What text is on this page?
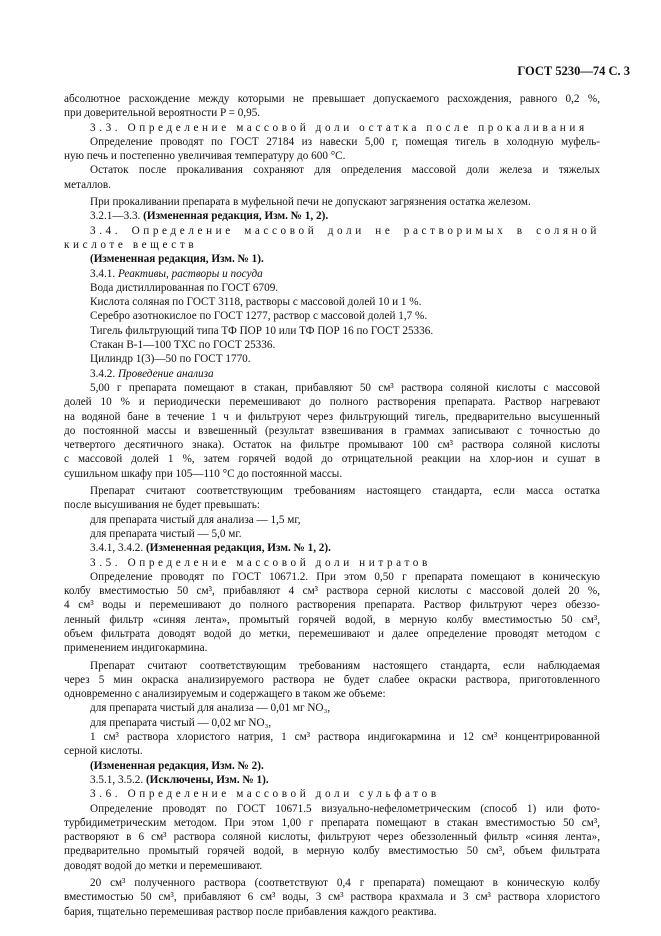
ГОСТ 5230—74 С. 3

абсолютное расхождение между которыми не превышает допускаемого расхождения, равного 0,2 %,

при доверительной вероятности P = 0,95.

3.3. Определение массовой доли остатка после прокаливания

Определение проводят по ГОСТ 27184 из навески 5,00 г, помещая тигель в холодную муфель-

ную печь и постепенно увеличивая температуру до 600 °С.

Остаток после прокаливания сохраняют для определения массовой доли железа и тяжелых

металлов.

При прокаливании препарата в муфельной печи не допускают загрязнения остатка железом.

3.2.1—3.3. (Измененная редакция, Изм. № 1, 2).

3.4. Определение массовой доли не растворимых в соляной

кислоте веществ

(Измененная редакция, Изм. № 1).

3.4.1. Реактивы, растворы и посуда

Вода дистиллированная по ГОСТ 6709.

Кислота соляная по ГОСТ 3118, растворы с массовой долей 10 и 1 %.

Серебро азотнокислое по ГОСТ 1277, раствор с массовой долей 1,7 %.

Тигель фильтрующий типа ТФ ПОР 10 или ТФ ПОР 16 по ГОСТ 25336.

Стакан В-1—100 ТХС по ГОСТ 25336.

Цилиндр 1(3)—50 по ГОСТ 1770.

3.4.2. Проведение анализа

5,00 г препарата помещают в стакан, прибавляют 50 см³ раствора соляной кислоты с массовой

долей 10 % и периодически перемешивают до полного растворения препарата. Раствор нагревают

на водяной бане в течение 1 ч и фильтруют через фильтрующий тигель, предварительно высушенный

до постоянной массы и взвешенный (результат взвешивания в граммах записывают с точностью до

четвертого десятичного знака). Остаток на фильтре промывают 100 см³ раствора соляной кислоты

с массовой долей 1 %, затем горячей водой до отрицательной реакции на хлор-ион и сушат в

сушильном шкафу при 105—110 °С до постоянной массы.

Препарат считают соответствующим требованиям настоящего стандарта, если масса остатка

после высушивания не будет превышать:

для препарата чистый для анализа — 1,5 мг,

для препарата чистый — 5,0 мг.

3.4.1, 3.4.2. (Измененная редакция, Изм. № 1, 2).

3.5. Определение массовой доли нитратов

Определение проводят по ГОСТ 10671.2. При этом 0,50 г препарата помещают в коническую

колбу вместимостью 50 см³, прибавляют 4 см³ раствора серной кислоты с массовой долей 20 %,

4 см³ воды и перемешивают до полного растворения препарата. Раствор фильтруют через обеззо-

ленный фильтр «синяя лента», промытый горячей водой, в мерную колбу вместимостью 50 см³,

объем фильтрата доводят водой до метки, перемешивают и далее определение проводят методом с

применением индигокармина.

Препарат считают соответствующим требованиям настоящего стандарта, если наблюдаемая

через 5 мин окраска анализируемого раствора не будет слабее окраски раствора, приготовленного

одновременно с анализируемым и содержащего в таком же объеме:

для препарата чистый для анализа — 0,01 мг NO₃,

для препарата чистый — 0,02 мг NO₃,

1 см³ раствора хлористого натрия, 1 см³ раствора индигокармина и 12 см³ концентрированной

серной кислоты.

(Измененная редакция, Изм. № 2).

3.5.1, 3.5.2. (Исключены, Изм. № 1).

3.6. Определение массовой доли сульфатов

Определение проводят по ГОСТ 10671.5 визуально-нефелометрическим (способ 1) или фото-

турбидиметрическим методом. При этом 1,00 г препарата помещают в стакан вместимостью 50 см³,

растворяют в 6 см³ раствора соляной кислоты, фильтруют через обеззоленный фильтр «синяя лента»,

предварительно промытый горячей водой, в мерную колбу вместимостью 50 см³, объем фильтрата

доводят водой до метки и перемешивают.

20 см³ полученного раствора (соответствуют 0,4 г препарата) помещают в коническую колбу

вместимостью 50 см³, прибавляют 6 см³ воды, 3 см³ раствора крахмала и 3 см³ раствора хлористого

бария, тщательно перемешивая раствор после прибавления каждого реактива.
